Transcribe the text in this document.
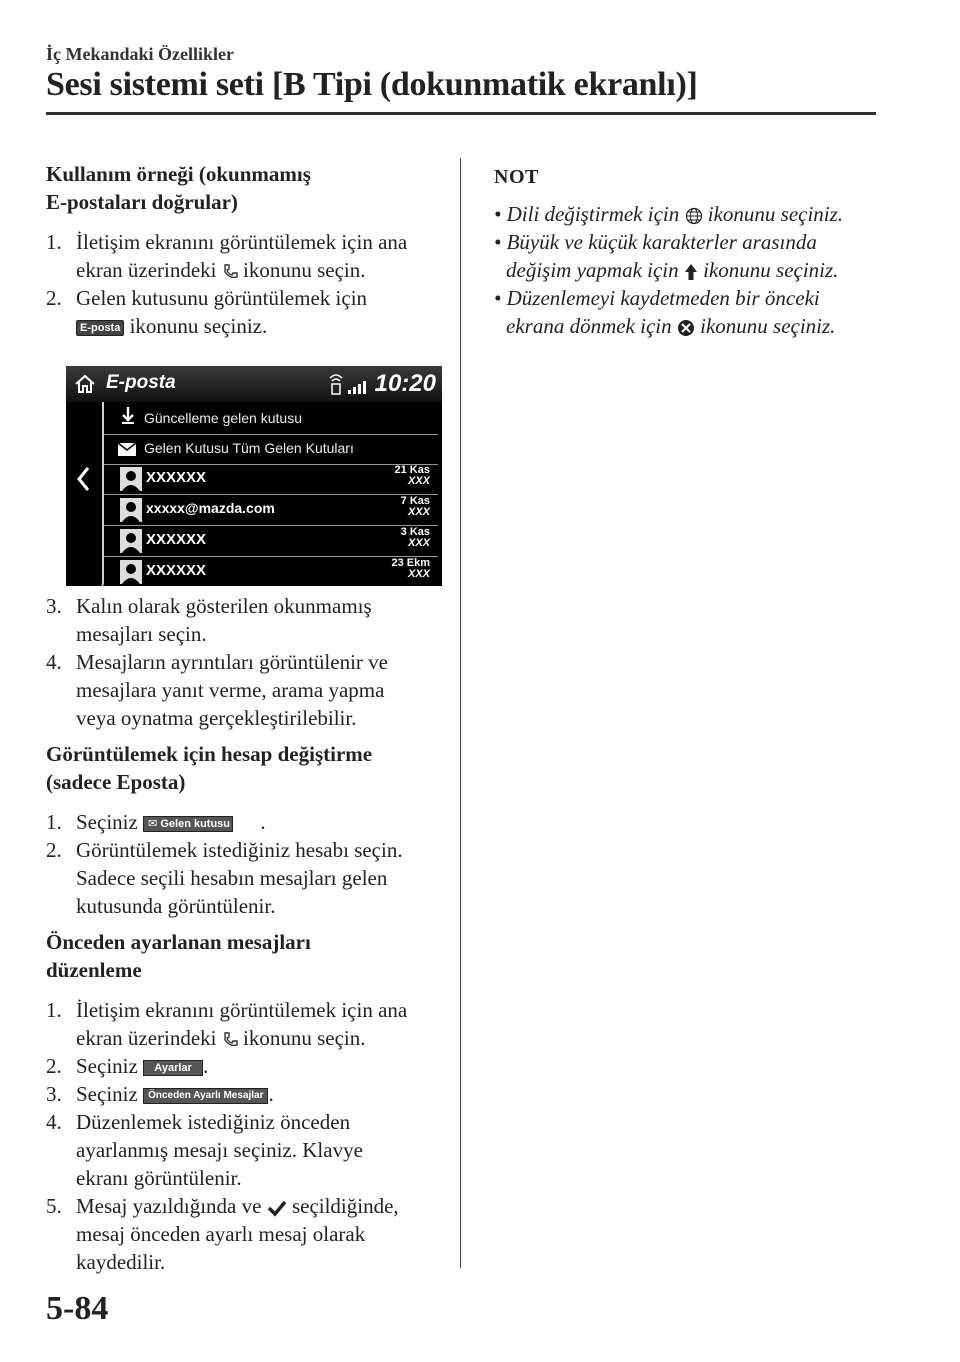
İç Mekandaki Özellikler
Sesi sistemi seti [B Tipi (dokunmatik ekranlı)]
Kullanım örneği (okunmamış
E-postaları doğrular)
1. İletişim ekranını görüntülemek için ana
ekran üzerindeki ikonunu seçin.
2. Gelen kutusunu görüntülemek için
E-posta ikonunu seçiniz.
E-posta	10:20
Güncelleme gelen kutusu
Gelen Kutusu Tüm Gelen Kutuları
XXXXXX	21 Kas
XXX
xxxxx@mazda.com	7 Kas
XXX
XXXXXX	3 Kas
XXX
XXXXXX	23 Ekm
XXX
3. Kalın olarak gösterilen okunmamış
mesajları seçin.
4. Mesajların ayrıntıları görüntülenir ve
mesajlara yanıt verme, arama yapma
veya oynatma gerçekleştirilebilir.
Görüntülemek için hesap değiştirme
(sadece Eposta)
1. Seçiniz ✉ Gelen kutusu .
2. Görüntülemek istediğiniz hesabı seçin.
Sadece seçili hesabın mesajları gelen
kutusunda görüntülenir.
Önceden ayarlanan mesajları
düzenleme
1. İletişim ekranını görüntülemek için ana
ekran üzerindeki ikonunu seçin.
2. Seçiniz Ayarlar .
3. Seçiniz Önceden Ayarlı Mesajlar .
4. Düzenlemek istediğiniz önceden
ayarlanmış mesajı seçiniz. Klavye
ekranı görüntülenir.
5. Mesaj yazıldığında ve seçildiğinde,
mesaj önceden ayarlı mesaj olarak
kaydedilir.
NOT
• Dili değiştirmek için ikonunu seçiniz.
• Büyük ve küçük karakterler arasında
değişim yapmak için ikonunu seçiniz.
• Düzenlemeyi kaydetmeden bir önceki
ekrana dönmek için ikonunu seçiniz.
5-84
